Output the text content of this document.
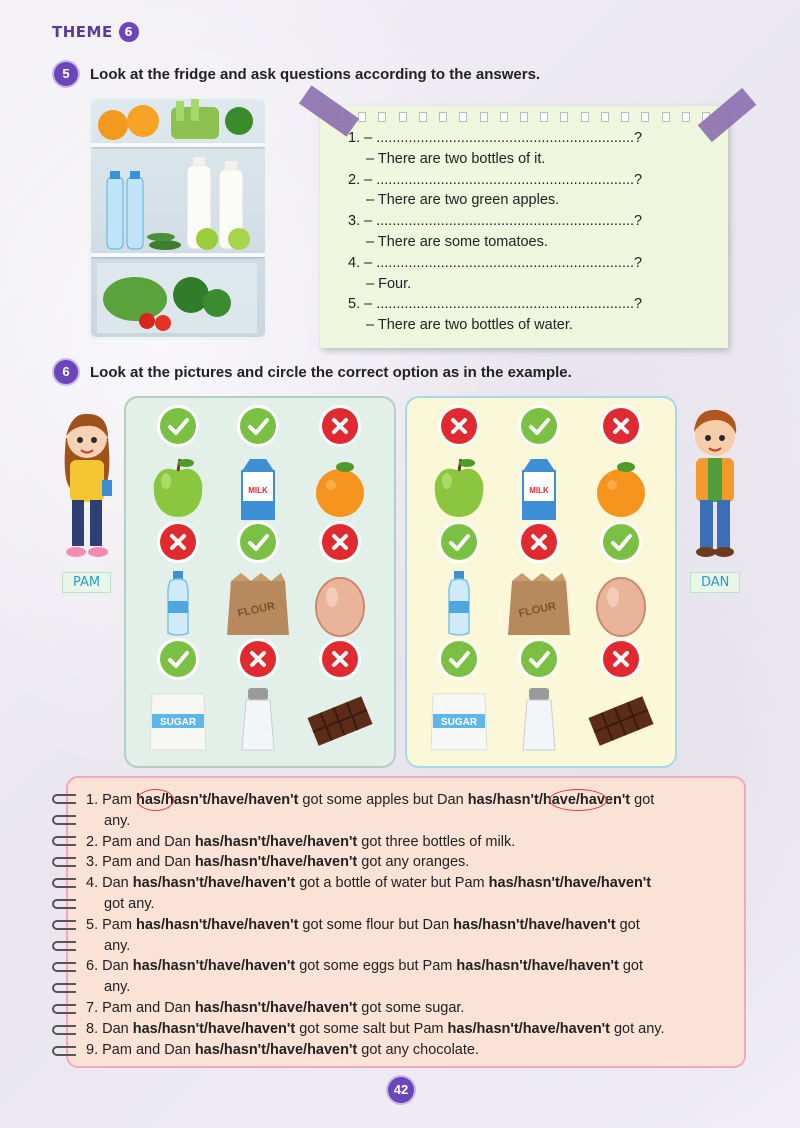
THEME 6
5	Look at the fridge and ask questions according to the answers.
1. – ................................................................?
– There are two bottles of it.
2. – ................................................................?
– There are two green apples.
3. – ................................................................?
– There are some tomatoes.
4. – ................................................................?
– Four.
5. – ................................................................?
– There are two bottles of water.
6	Look at the pictures and circle the correct option as in the example.
PAM	DAN
MILK
FLOUR
SUGAR
MILK
FLOUR
SUGAR
1. Pam has/hasn't/have/haven't got some apples but Dan has/hasn't/have/haven't got
any.
2. Pam and Dan has/hasn't/have/haven't got three bottles of milk.
3. Pam and Dan has/hasn't/have/haven't got any oranges.
4. Dan has/hasn't/have/haven't got a bottle of water but Pam has/hasn't/have/haven't
got any.
5. Pam has/hasn't/have/haven't got some flour but Dan has/hasn't/have/haven't got
any.
6. Dan has/hasn't/have/haven't got some eggs but Pam has/hasn't/have/haven't got
any.
7. Pam and Dan has/hasn't/have/haven't got some sugar.
8. Dan has/hasn't/have/haven't got some salt but Pam has/hasn't/have/haven't got any.
9. Pam and Dan has/hasn't/have/haven't got any chocolate.
42
